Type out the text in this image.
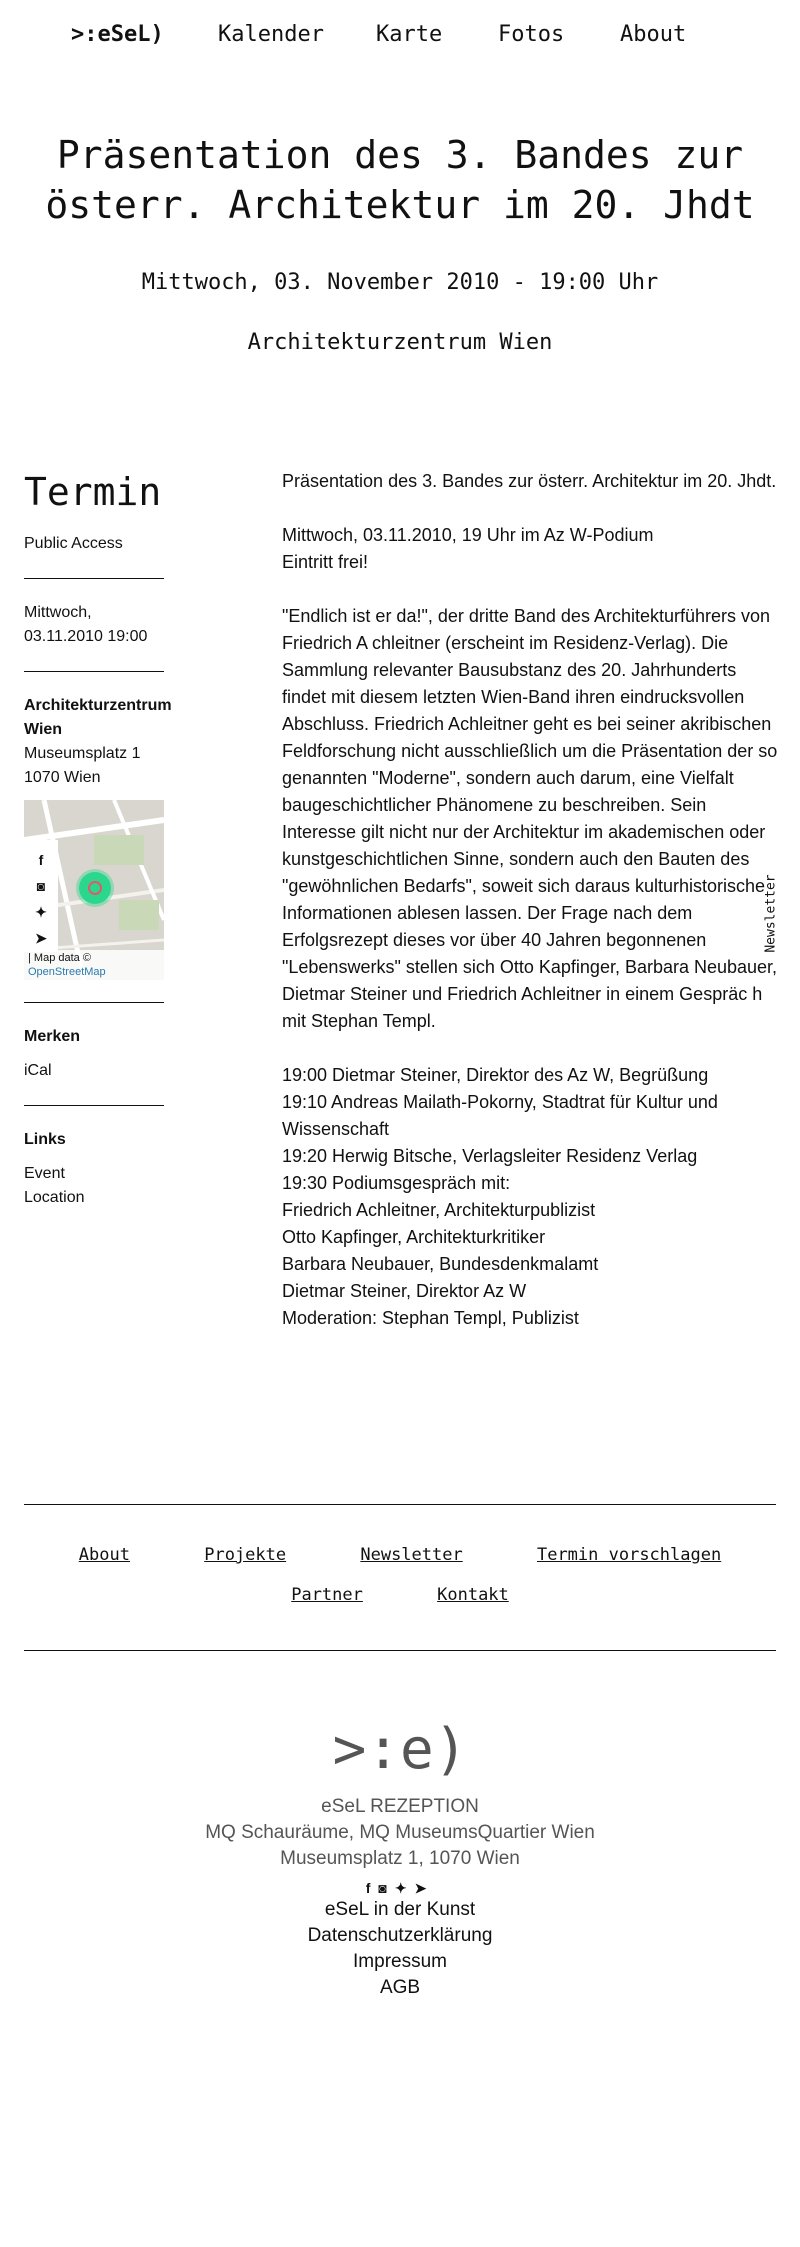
>:eSeL) Kalender Karte	Fotos	About
Präsentation des 3. Bandes zur österr. Architektur im 20. Jhdt
Mittwoch, 03. November 2010 - 19:00 Uhr
Architekturzentrum Wien
Termin
Public Access
Mittwoch,
03.11.2010 19:00
Architekturzentrum Wien
Museumsplatz 1
1070 Wien
f
◙
✦
➤
| Map data ©
OpenStreetMap
Merken
iCal
Links
Event
Location

Präsentation des 3. Bandes zur österr. Architektur im 20. Jhdt.

Mittwoch, 03.11.2010, 19 Uhr im Az W-Podium
Eintritt frei!

"Endlich ist er da!", der dritte Band des Architekturführers von Friedrich A chleitner (erscheint im Residenz-Verlag). Die Sammlung relevanter Bausubstanz des 20. Jahrhunderts findet mit diesem letzten Wien-Band ihren eindrucksvollen Abschluss. Friedrich Achleitner geht es bei seiner akribischen Feldforschung nicht ausschließlich um die Präsentation der so genannten "Moderne", sondern auch darum, eine Vielfalt baugeschichtlicher Phänomene zu beschreiben. Sein Interesse gilt nicht nur der Architektur im akademischen oder kunstgeschichtlichen Sinne, sondern auch den Bauten des "gewöhnlichen Bedarfs", soweit sich daraus kulturhistorische Informationen ablesen lassen. Der Frage nach dem Erfolgsrezept dieses vor über 40 Jahren begonnenen "Lebenswerks" stellen sich Otto Kapfinger, Barbara Neubauer, Dietmar Steiner und Friedrich Achleitner in einem Gespräc h mit Stephan Templ.

19:00 Dietmar Steiner, Direktor des Az W, Begrüßung
19:10 Andreas Mailath-Pokorny, Stadtrat für Kultur und Wissenschaft
19:20 Herwig Bitsche, Verlagsleiter Residenz Verlag
19:30 Podiumsgespräch mit:
Friedrich Achleitner, Architekturpublizist
Otto Kapfinger, Architekturkritiker
Barbara Neubauer, Bundesdenkmalamt
Dietmar Steiner, Direktor Az W
Moderation: Stephan Templ, Publizist

Newsletter
About	Projekte	Newsletter	Termin vorschlagen
Partner	Kontakt
>:e)
eSeL REZEPTION
MQ Schauräume, MQ MuseumsQuartier Wien
Museumsplatz 1, 1070 Wien
f◙✦➤
eSeL in der Kunst
Datenschutzerklärung
Impressum
AGB
